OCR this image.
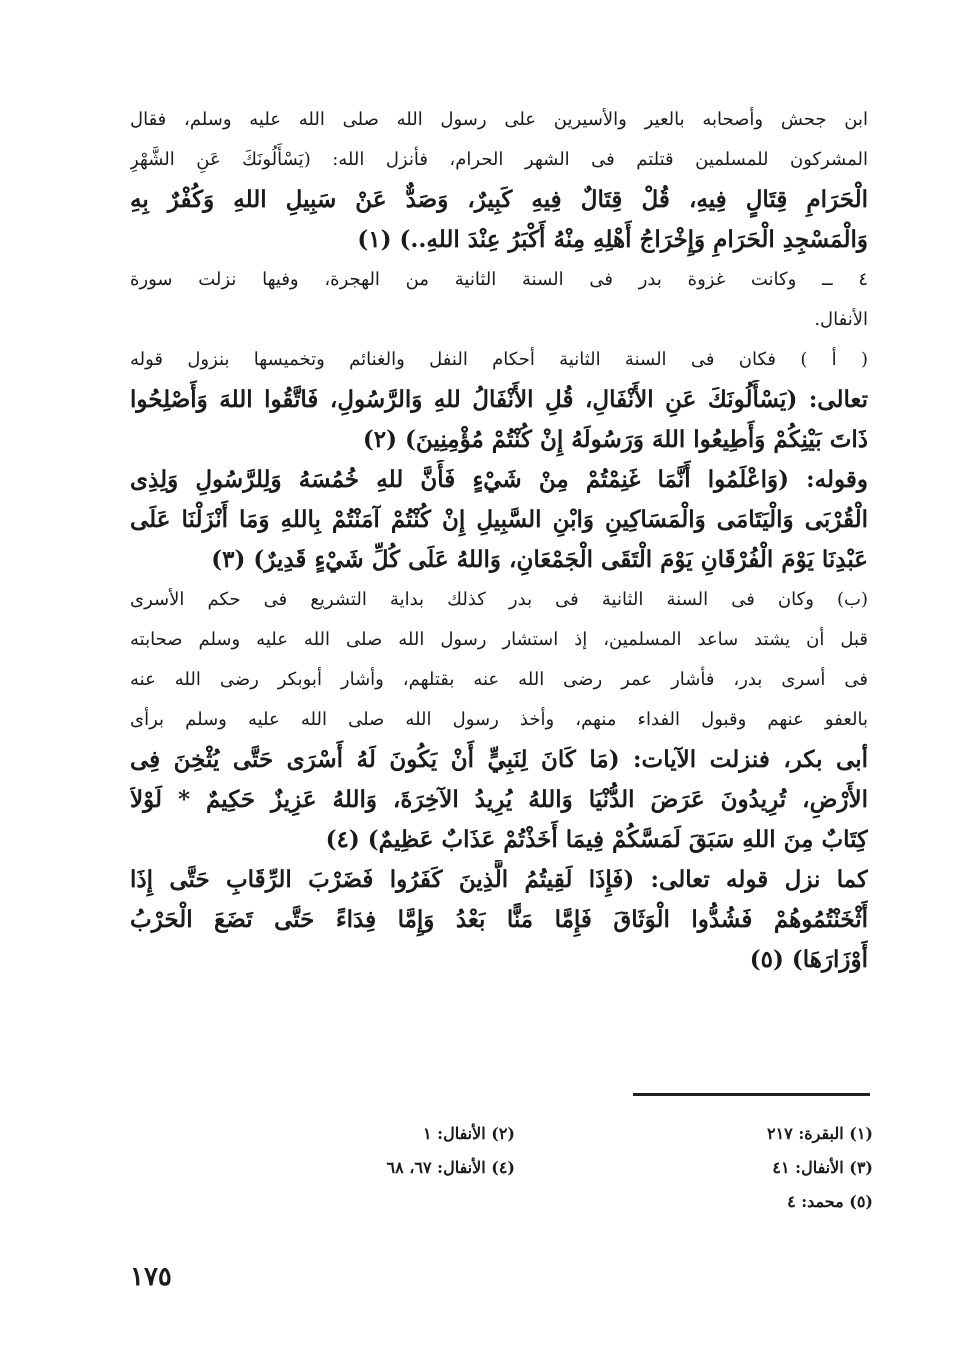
ابن جحش وأصحابه بالعير والأسيرين على رسول الله صلى الله عليه وسلم، فقال
المشركون للمسلمين قتلتم فى الشهر الحرام، فأنزل الله: (يَسْأَلُونَكَ عَنِ الشَّهْرِ
الْحَرَامِ قِتَالٍ فِيهِ، قُلْ قِتَالٌ فِيهِ كَبِيرٌ، وَصَدٌّ عَنْ سَبِيلِ اللهِ وَكُفْرٌ بِهِ
وَالْمَسْجِدِ الْحَرَامِ وَإِخْرَاجُ أَهْلِهِ مِنْهُ أَكْبَرُ عِنْدَ اللهِ..) (١)
٤ ــ وكانت غزوة بدر فى السنة الثانية من الهجرة، وفيها نزلت سورة
الأنفال.
( أ ) فكان فى السنة الثانية أحكام النفل والغنائم وتخميسها بنزول قوله
تعالى: (يَسْأَلُونَكَ عَنِ الأَنْفَالِ، قُلِ الأَنْفَالُ للهِ وَالرَّسُولِ، فَاتَّقُوا اللهَ وَأَصْلِحُوا
ذَاتَ بَيْنِكُمْ وَأَطِيعُوا اللهَ وَرَسُولَهُ إِنْ كُنْتُمْ مُؤْمِنِينَ) (٢)
وقوله: (وَاعْلَمُوا أَنَّمَا غَنِمْتُمْ مِنْ شَيْءٍ فَأَنَّ للهِ خُمُسَهُ وَلِلرَّسُولِ وَلِذِى
الْقُرْبَى وَالْيَتَامَى وَالْمَسَاكِينِ وَابْنِ السَّبِيلِ إِنْ كُنْتُمْ آمَنْتُمْ بِاللهِ وَمَا أَنْزَلْنَا عَلَى
عَبْدِنَا يَوْمَ الْفُرْقَانِ يَوْمَ الْتَقَى الْجَمْعَانِ، وَاللهُ عَلَى كُلِّ شَيْءٍ قَدِيرٌ) (٣)
(ب) وكان فى السنة الثانية فى بدر كذلك بداية التشريع فى حكم الأسرى
قبل أن يشتد ساعد المسلمين، إذ استشار رسول الله صلى الله عليه وسلم صحابته
فى أسرى بدر، فأشار عمر رضى الله عنه بقتلهم، وأشار أبوبكر رضى الله عنه
بالعفو عنهم وقبول الفداء منهم، وأخذ رسول الله صلى الله عليه وسلم برأى
أبى بكر، فنزلت الآيات: (مَا كَانَ لِنَبِيٍّ أَنْ يَكُونَ لَهُ أَسْرَى حَتَّى يُثْخِنَ فِى
الأَرْضِ، تُرِيدُونَ عَرَضَ الدُّنْيَا وَاللهُ يُرِيدُ الآخِرَةَ، وَاللهُ عَزِيزٌ حَكِيمٌ * لَوْلاَ
كِتَابٌ مِنَ اللهِ سَبَقَ لَمَسَّكُمْ فِيمَا أَخَذْتُمْ عَذَابٌ عَظِيمٌ) (٤)
كما نزل قوله تعالى: (فَإِذَا لَقِيتُمُ الَّذِينَ كَفَرُوا فَضَرْبَ الرِّقَابِ حَتَّى إِذَا
أَثْخَنْتُمُوهُمْ فَشُدُّوا الْوَثَاقَ فَإِمَّا مَنًّا بَعْدُ وَإِمَّا فِدَاءً حَتَّى تَضَعَ الْحَرْبُ
أَوْزَارَهَا) (٥)
(١) البقرة: ٢١٧
(٢) الأنفال: ١
(٣) الأنفال: ٤١
(٤) الأنفال: ٦٧، ٦٨
(٥) محمد: ٤
١٧٥
